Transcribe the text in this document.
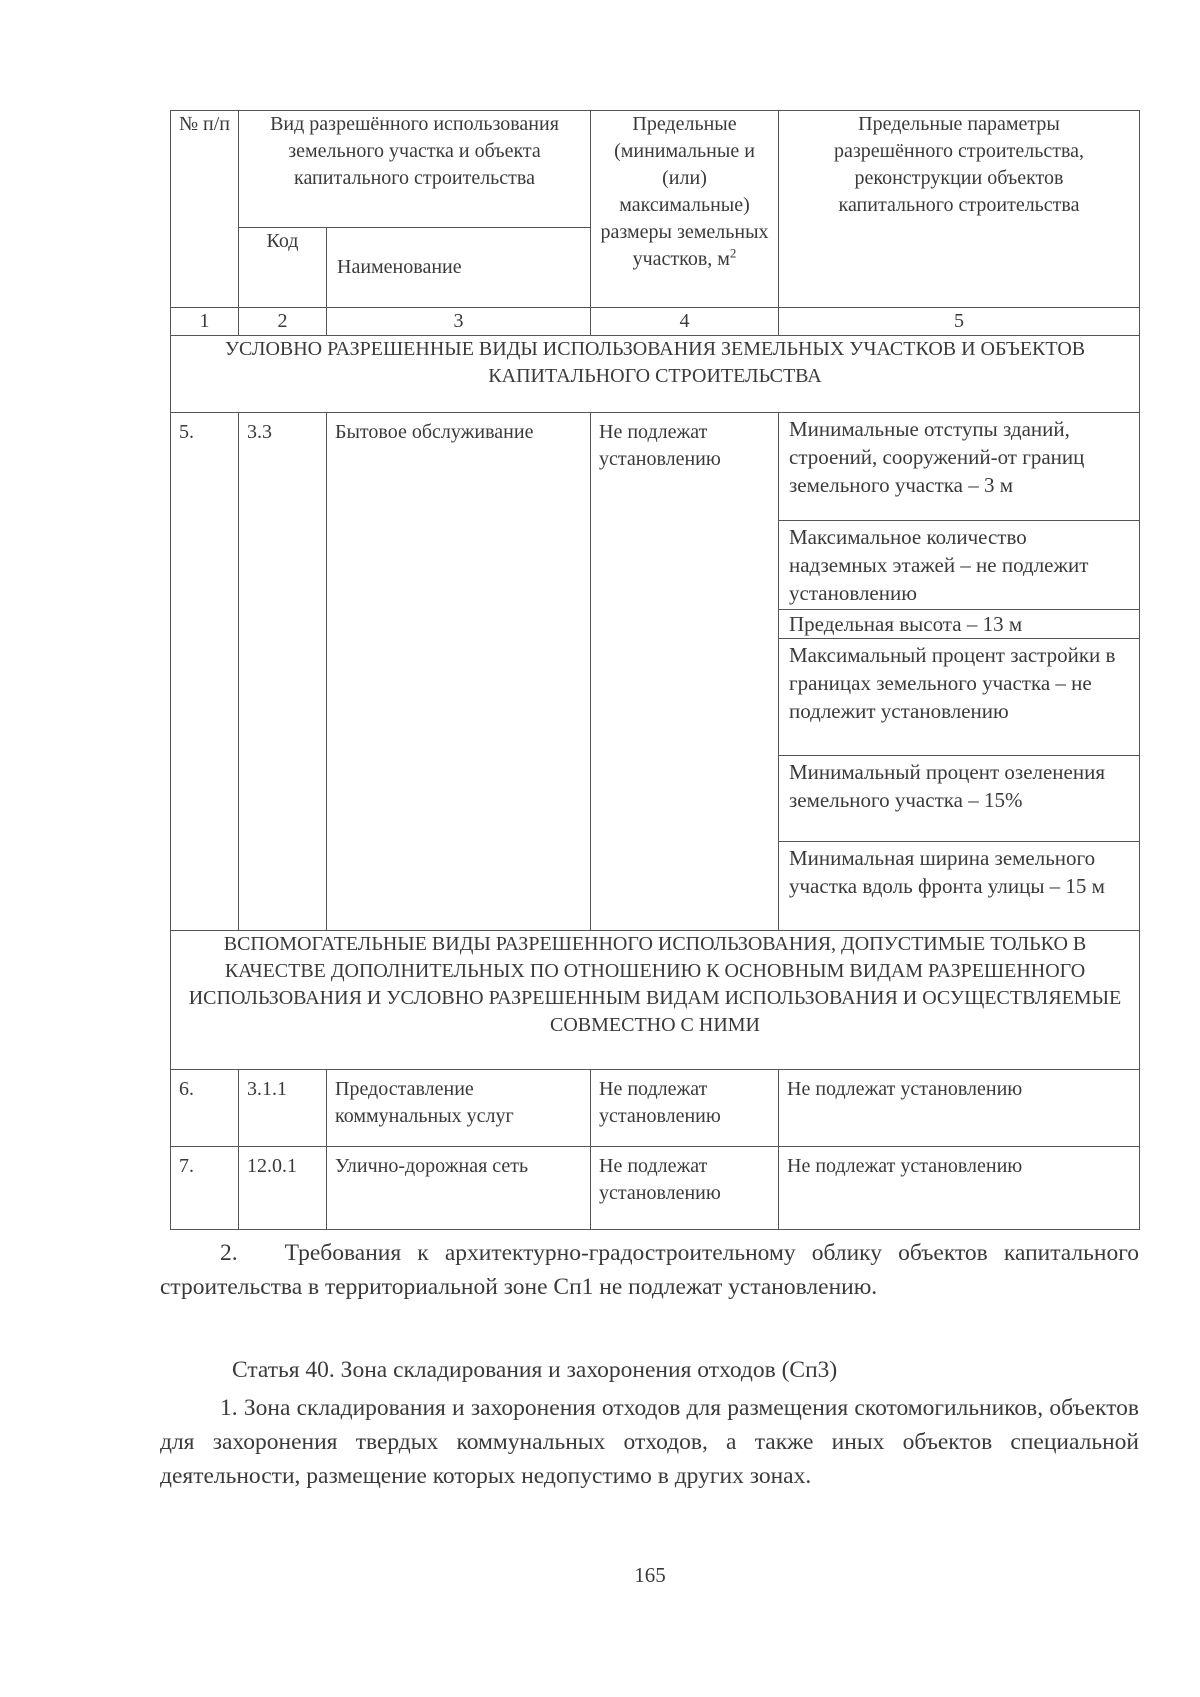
№ п/п	Вид разрешённого использования земельного участка и объекта капитального строительства		Предельные (минимальные и (или) максимальные) размеры земельных участков, $м^2$	Предельные параметры разрешённого строительства, реконструкции объектов капитального строительства
	Код	Наименование		
1	2	3	4	5
УСЛОВНО РАЗРЕШЕННЫЕ ВИДЫ ИСПОЛЬЗОВАНИЯ ЗЕМЕЛЬНЫХ УЧАСТКОВ И ОБЪЕКТОВ КАПИТАЛЬНОГО СТРОИТЕЛЬСТВА				
5.	3.3	Бытовое обслуживание	Не подлежат установлению	Минимальные отступы зданий, строений, сооружений-от границ земельного участка – 3 м
				Максимальное количество надземных этажей – не подлежит установлению
				Предельная высота – 13 м
				Максимальный процент застройки в границах земельного участка – не подлежит установлению
				Минимальный процент озеленения земельного участка – 15%
				Минимальная ширина земельного участка вдоль фронта улицы – 15 м
ВСПОМОГАТЕЛЬНЫЕ ВИДЫ РАЗРЕШЕННОГО ИСПОЛЬЗОВАНИЯ, ДОПУСТИМЫЕ ТОЛЬКО В КАЧЕСТВЕ ДОПОЛНИТЕЛЬНЫХ ПО ОТНОШЕНИЮ К ОСНОВНЫМ ВИДАМ РАЗРЕШЕННОГО ИСПОЛЬЗОВАНИЯ И УСЛОВНО РАЗРЕШЕННЫМ ВИДАМ ИСПОЛЬЗОВАНИЯ И ОСУЩЕСТВЛЯЕМЫЕ СОВМЕСТНО С НИМИ				
6.	3.1.1	Предоставление коммунальных услуг	Не подлежат установлению	Не подлежат установлению
7.	12.0.1	Улично-дорожная сеть	Не подлежат установлению	Не подлежат установлению

2.  Требования к архитектурно-градостроительному облику объектов капитального строительства в территориальной зоне Сп1 не подлежат установлению.

Статья 40. Зона складирования и захоронения отходов (Сп3)

1. Зона складирования и захоронения отходов для размещения скотомогильников, объектов для захоронения твердых коммунальных отходов, а также иных объектов специальной деятельности, размещение которых недопустимо в других зонах.

165
